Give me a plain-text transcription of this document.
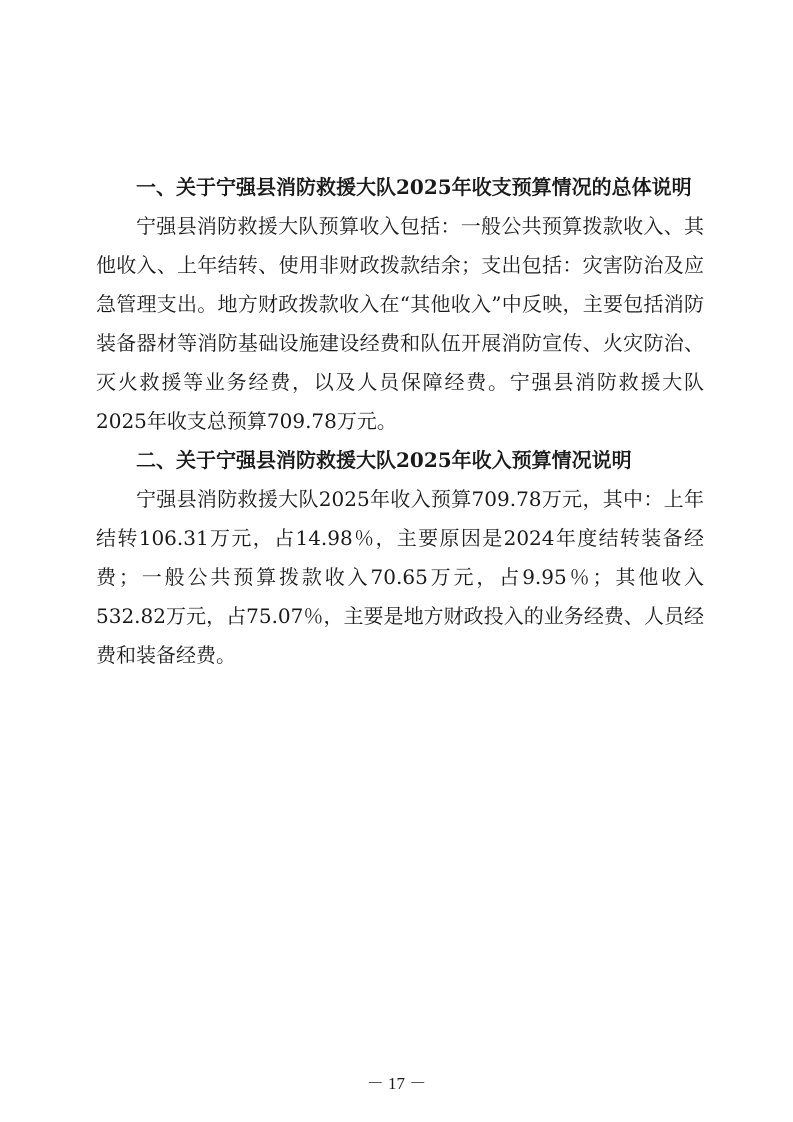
一、关于宁强县消防救援大队2025年收支预算情况的总体说明

宁强县消防救援大队预算收入包括：一般公共预算拨款收入、其他收入、上年结转、使用非财政拨款结余；支出包括：灾害防治及应急管理支出。地方财政拨款收入在“其他收入”中反映，主要包括消防装备器材等消防基础设施建设经费和队伍开展消防宣传、火灾防治、灭火救援等业务经费，以及人员保障经费。宁强县消防救援大队2025年收支总预算709.78万元。

二、关于宁强县消防救援大队2025年收入预算情况说明

宁强县消防救援大队2025年收入预算709.78万元，其中：上年结转106.31万元，占14.98％，主要原因是2024年度结转装备经费；一般公共预算拨款收入70.65万元，占9.95％；其他收入532.82万元，占75.07％，主要是地方财政投入的业务经费、人员经费和装备经费。

－ 17 －
